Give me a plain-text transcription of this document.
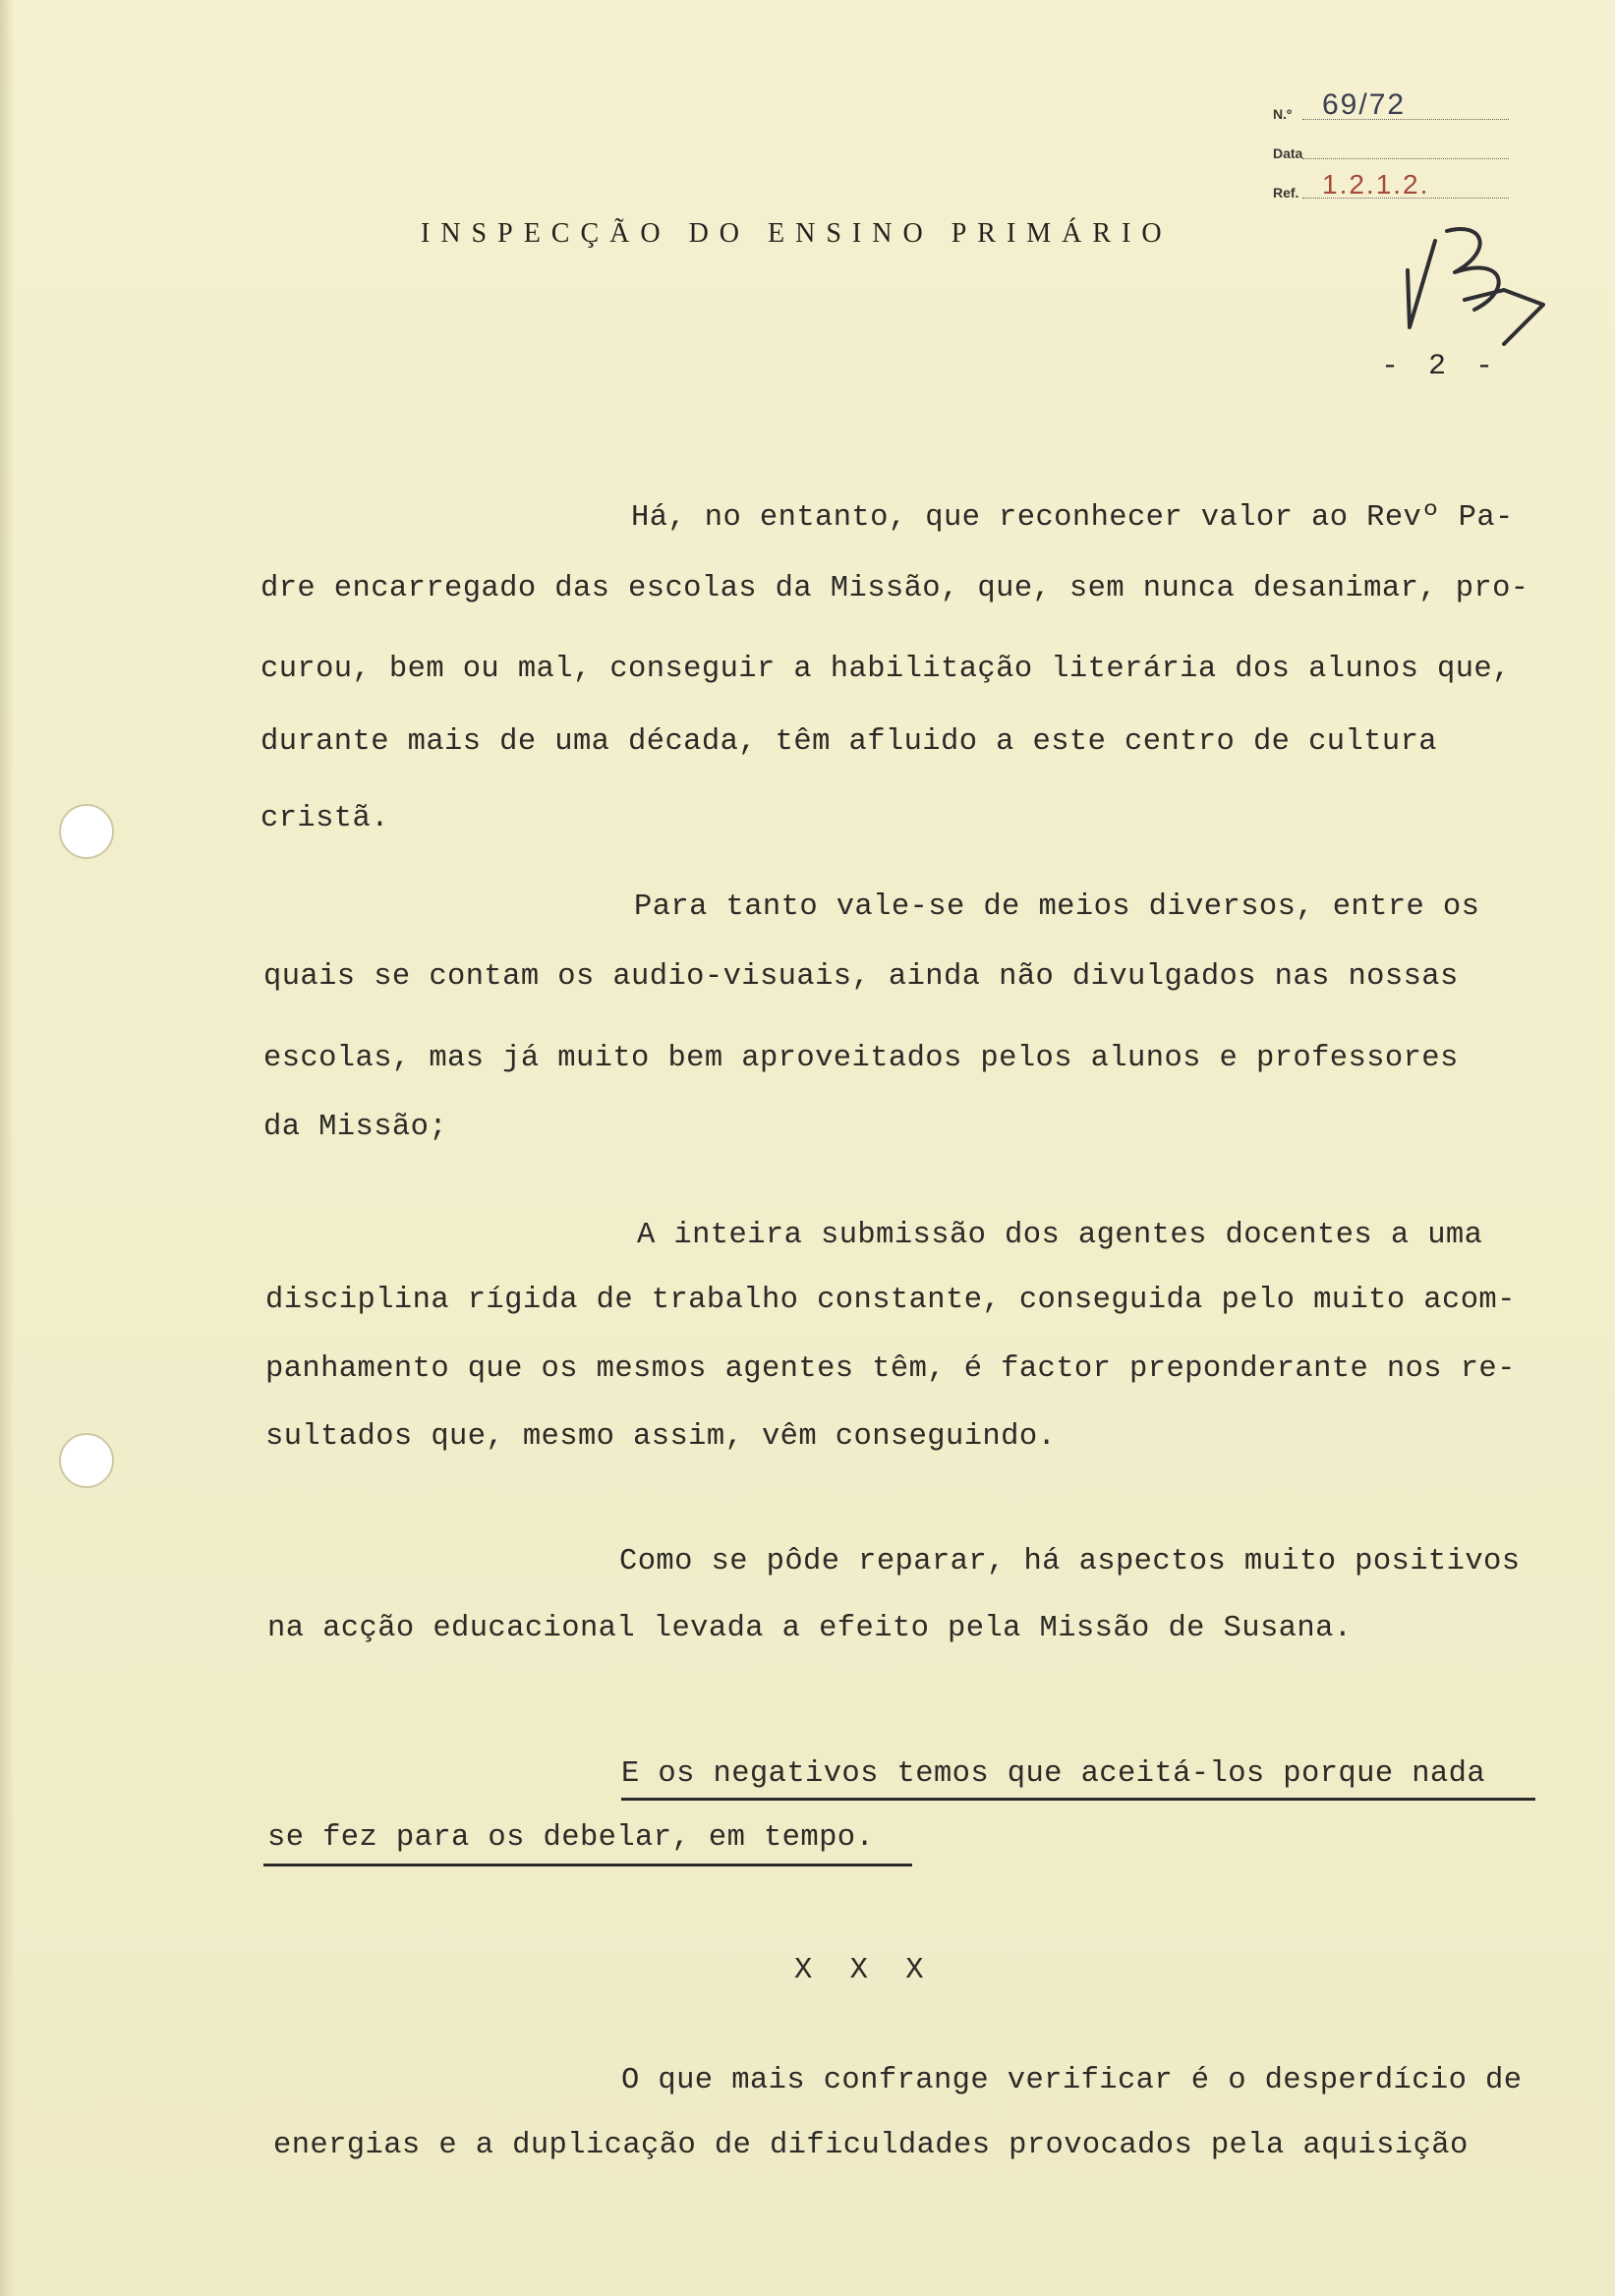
N.º 69/72
Data
Ref. 1.2.1.2.
INSPECÇÃO DO ENSINO PRIMÁRIO
- 2 -
Há, no entanto, que reconhecer valor ao Revº Pa-
dre encarregado das escolas da Missão, que, sem nunca desanimar, pro-
curou, bem ou mal, conseguir a habilitação literária dos alunos que,
durante mais de uma década, têm afluido a este centro de cultura
cristã.
Para tanto vale-se de meios diversos, entre os
quais se contam os audio-visuais, ainda não divulgados nas nossas
escolas, mas já muito bem aproveitados pelos alunos e professores
da Missão;
A inteira submissão dos agentes docentes a uma
disciplina rígida de trabalho constante, conseguida pelo muito acom-
panhamento que os mesmos agentes têm, é factor preponderante nos re-
sultados que, mesmo assim, vêm conseguindo.
Como se pôde reparar, há aspectos muito positivos
na acção educacional levada a efeito pela Missão de Susana.
E os negativos temos que aceitá-los porque nada
se fez para os debelar, em tempo.
X X X
O que mais confrange verificar é o desperdício de
energias e a duplicação de dificuldades provocados pela aquisição
